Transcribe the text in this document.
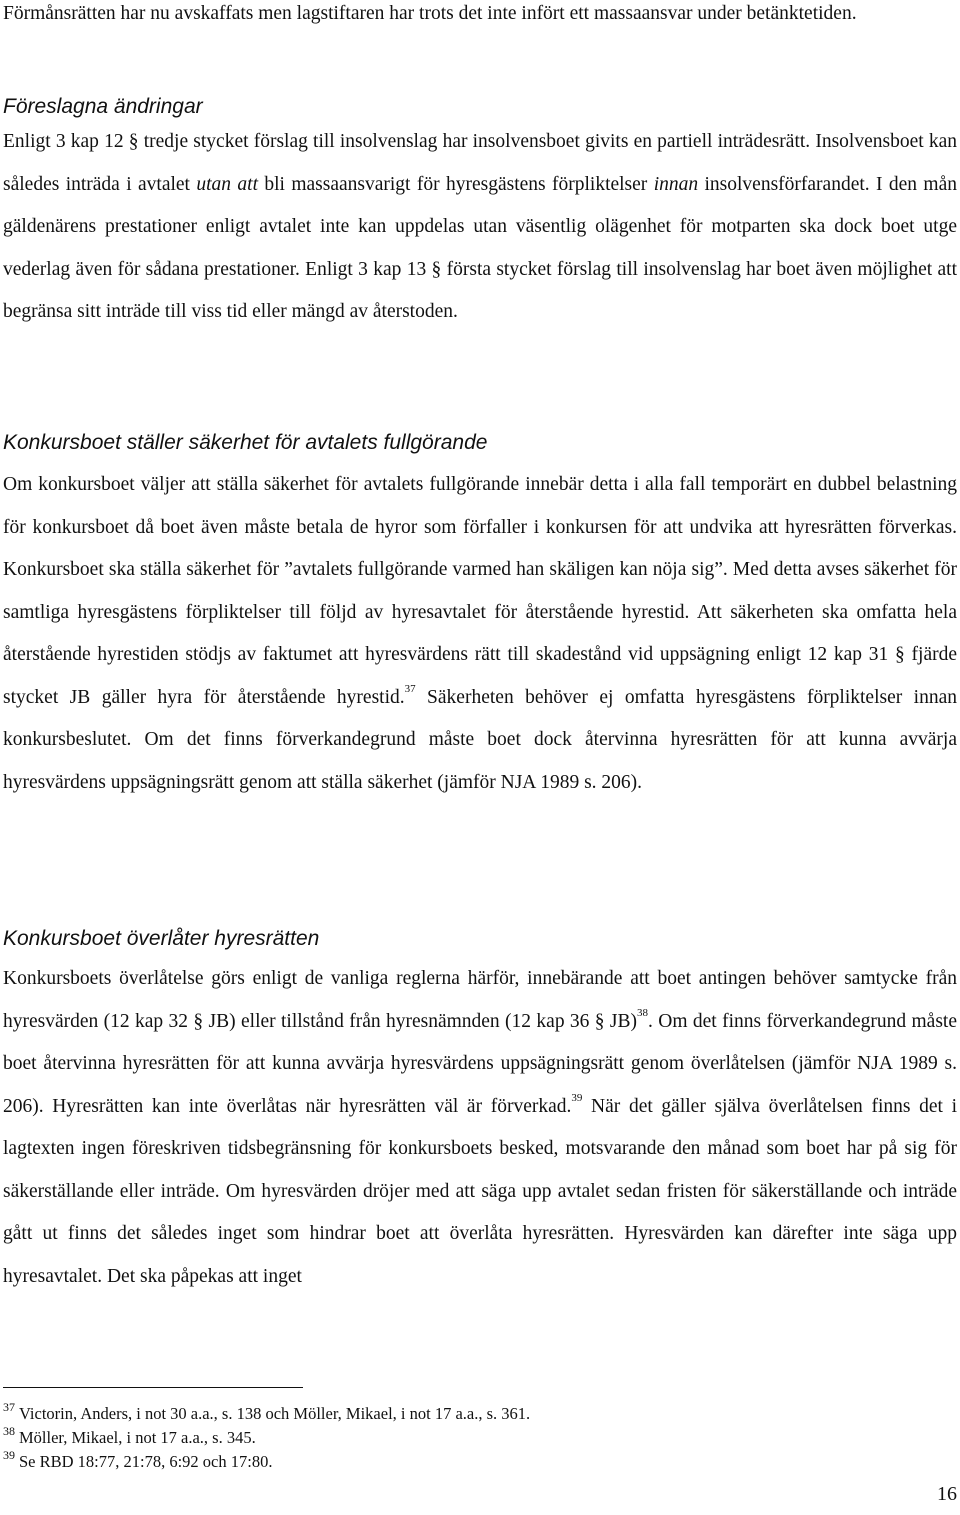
Förmånsrätten har nu avskaffats men lagstiftaren har trots det inte infört ett massaansvar under betänktetiden.

Föreslagna ändringar

Enligt 3 kap 12 § tredje stycket förslag till insolvenslag har insolvensboet givits en partiell inträdesrätt. Insolvensboet kan således inträda i avtalet utan att bli massaansvarigt för hyresgästens förpliktelser innan insolvensförfarandet. I den mån gäldenärens prestationer enligt avtalet inte kan uppdelas utan väsentlig olägenhet för motparten ska dock boet utge vederlag även för sådana prestationer. Enligt 3 kap 13 § första stycket förslag till insolvenslag har boet även möjlighet att begränsa sitt inträde till viss tid eller mängd av återstoden.

Konkursboet ställer säkerhet för avtalets fullgörande

Om konkursboet väljer att ställa säkerhet för avtalets fullgörande innebär detta i alla fall temporärt en dubbel belastning för konkursboet då boet även måste betala de hyror som förfaller i konkursen för att undvika att hyresrätten förverkas. Konkursboet ska ställa säkerhet för ”avtalets fullgörande varmed han skäligen kan nöja sig”. Med detta avses säkerhet för samtliga hyresgästens förpliktelser till följd av hyresavtalet för återstående hyrestid. Att säkerheten ska omfatta hela återstående hyrestiden stödjs av faktumet att hyresvärdens rätt till skadestånd vid uppsägning enligt 12 kap 31 § fjärde stycket JB gäller hyra för återstående hyrestid.$^{37}$ Säkerheten behöver ej omfatta hyresgästens förpliktelser innan konkursbeslutet. Om det finns förverkandegrund måste boet dock återvinna hyresrätten för att kunna avvärja hyresvärdens uppsägningsrätt genom att ställa säkerhet (jämför NJA 1989 s. 206).

Konkursboet överlåter hyresrätten

Konkursboets överlåtelse görs enligt de vanliga reglerna härför, innebärande att boet antingen behöver samtycke från hyresvärden (12 kap 32 § JB) eller tillstånd från hyresnämnden (12 kap 36 § JB)$^{38}$. Om det finns förverkandegrund måste boet återvinna hyresrätten för att kunna avvärja hyresvärdens uppsägningsrätt genom överlåtelsen (jämför NJA 1989 s. 206). Hyresrätten kan inte överlåtas när hyresrätten väl är förverkad.$^{39}$ När det gäller själva överlåtelsen finns det i lagtexten ingen föreskriven tidsbegränsning för konkursboets besked, motsvarande den månad som boet har på sig för säkerställande eller inträde. Om hyresvärden dröjer med att säga upp avtalet sedan fristen för säkerställande och inträde gått ut finns det således inget som hindrar boet att överlåta hyresrätten. Hyresvärden kan därefter inte säga upp hyresavtalet. Det ska påpekas att inget

$^{37}$ Victorin, Anders, i not 30 a.a., s. 138 och Möller, Mikael, i not 17 a.a., s. 361.

$^{38}$ Möller, Mikael, i not 17 a.a., s. 345.

$^{39}$ Se RBD 18:77, 21:78, 6:92 och 17:80.

16
